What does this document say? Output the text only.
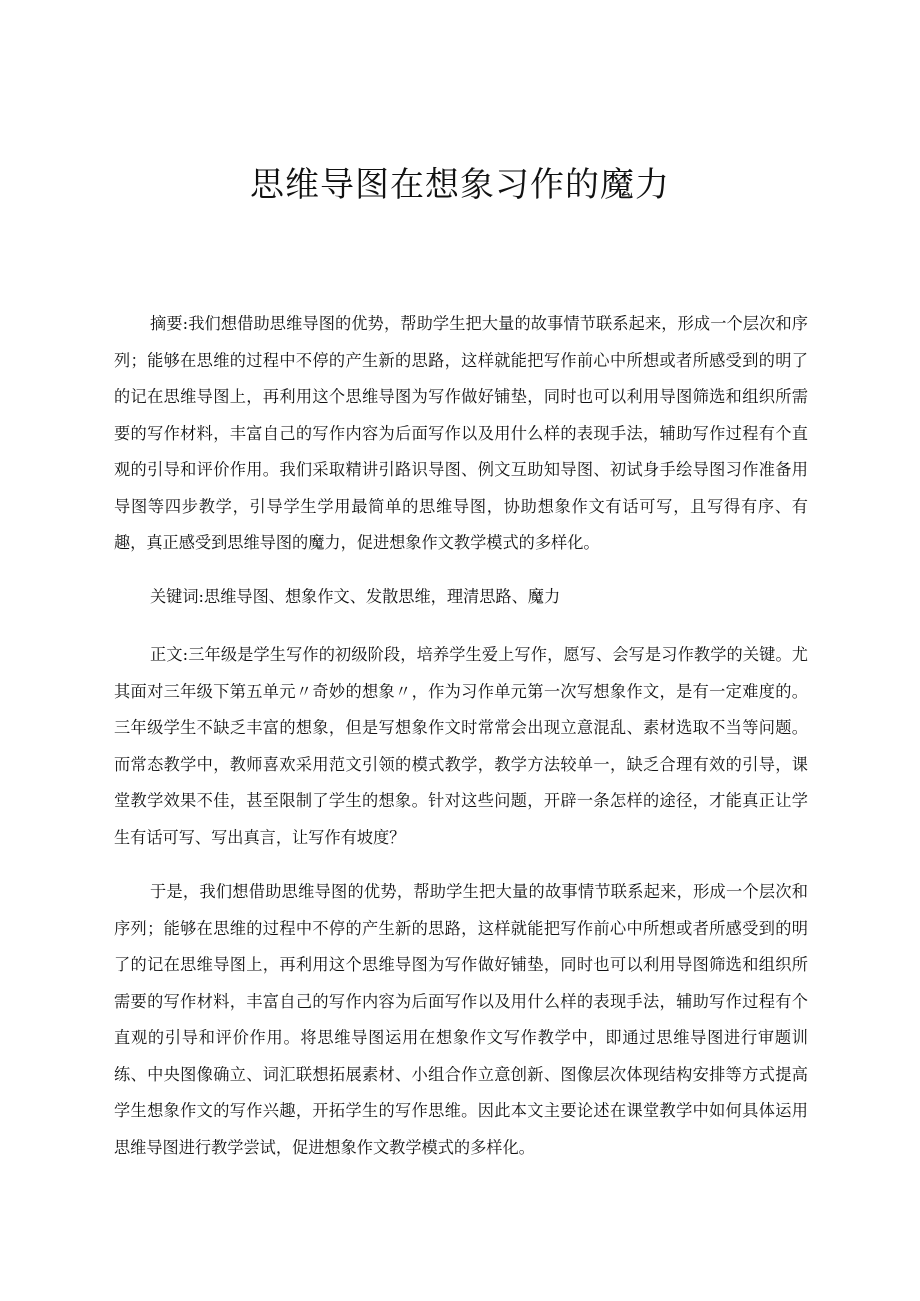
思维导图在想象习作的魔力

摘要:我们想借助思维导图的优势，帮助学生把大量的故事情节联系起来，形成一个层次和序列；能够在思维的过程中不停的产生新的思路，这样就能把写作前心中所想或者所感受到的明了的记在思维导图上，再利用这个思维导图为写作做好铺垫，同时也可以利用导图筛选和组织所需要的写作材料，丰富自己的写作内容为后面写作以及用什么样的表现手法，辅助写作过程有个直观的引导和评价作用。我们采取精讲引路识导图、例文互助知导图、初试身手绘导图习作准备用导图等四步教学，引导学生学用最简单的思维导图，协助想象作文有话可写，且写得有序、有趣，真正感受到思维导图的魔力，促进想象作文教学模式的多样化。

关键词:思维导图、想象作文、发散思维，理清思路、魔力

正文:三年级是学生写作的初级阶段，培养学生爱上写作，愿写、会写是习作教学的关键。尤其面对三年级下第五单元〃奇妙的想象〃，作为习作单元第一次写想象作文，是有一定难度的。三年级学生不缺乏丰富的想象，但是写想象作文时常常会出现立意混乱、素材选取不当等问题。而常态教学中，教师喜欢采用范文引领的模式教学，教学方法较单一，缺乏合理有效的引导，课堂教学效果不佳，甚至限制了学生的想象。针对这些问题，开辟一条怎样的途径，才能真正让学生有话可写、写出真言，让写作有坡度？

于是，我们想借助思维导图的优势，帮助学生把大量的故事情节联系起来，形成一个层次和序列；能够在思维的过程中不停的产生新的思路，这样就能把写作前心中所想或者所感受到的明了的记在思维导图上，再利用这个思维导图为写作做好铺垫，同时也可以利用导图筛选和组织所需要的写作材料，丰富自己的写作内容为后面写作以及用什么样的表现手法，辅助写作过程有个直观的引导和评价作用。将思维导图运用在想象作文写作教学中，即通过思维导图进行审题训练、中央图像确立、词汇联想拓展素材、小组合作立意创新、图像层次体现结构安排等方式提高学生想象作文的写作兴趣，开拓学生的写作思维。因此本文主要论述在课堂教学中如何具体运用思维导图进行教学尝试，促进想象作文教学模式的多样化。
